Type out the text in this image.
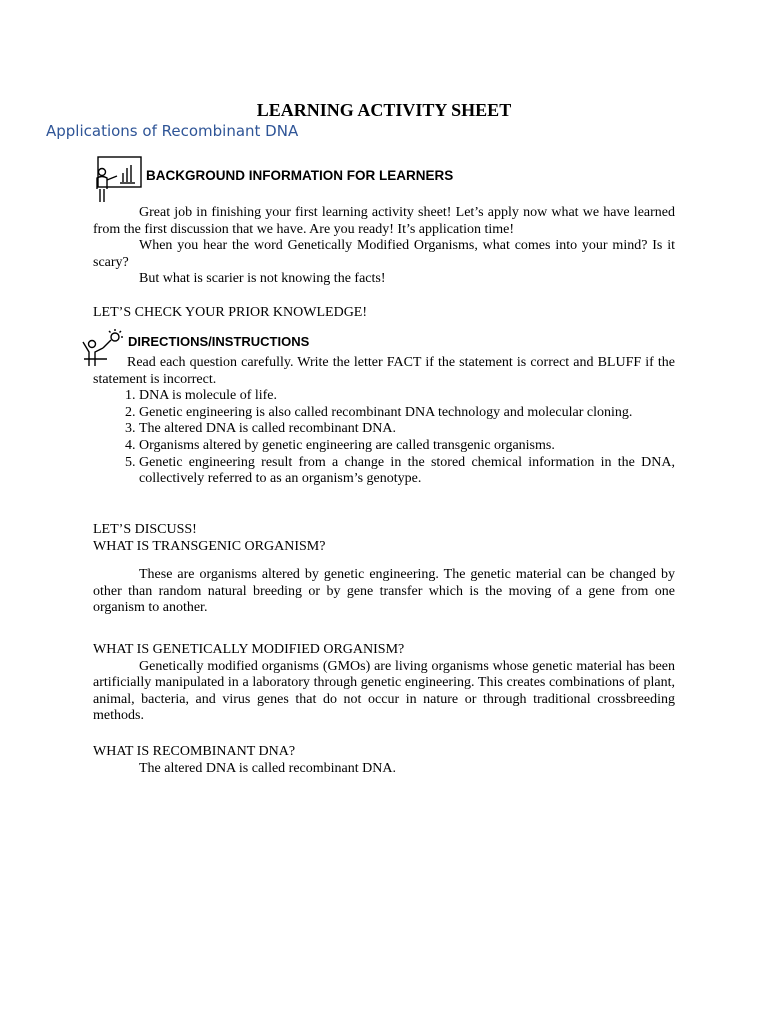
LEARNING ACTIVITY SHEET
Applications of Recombinant DNA
BACKGROUND INFORMATION FOR LEARNERS

Great job in finishing your first learning activity sheet! Let’s apply now what we have learned from the first discussion that we have. Are you ready! It’s application time!

When you hear the word Genetically Modified Organisms, what comes into your mind? Is it scary?

But what is scarier is not knowing the facts!

LET’S CHECK YOUR PRIOR KNOWLEDGE!

DIRECTIONS/INSTRUCTIONS

Read each question carefully. Write the letter FACT if the statement is correct and BLUFF if the statement is incorrect.

1. DNA is molecule of life.
2. Genetic engineering is also called recombinant DNA technology and molecular cloning.
3. The altered DNA is called recombinant DNA.
4. Organisms altered by genetic engineering are called transgenic organisms.
5. Genetic engineering result from a change in the stored chemical information in the DNA, collectively referred to as an organism’s genotype.

LET’S DISCUSS!

WHAT IS TRANSGENIC ORGANISM?

These are organisms altered by genetic engineering. The genetic material can be changed by other than random natural breeding or by gene transfer which is the moving of a gene from one organism to another.

WHAT IS GENETICALLY MODIFIED ORGANISM?

Genetically modified organisms (GMOs) are living organisms whose genetic material has been artificially manipulated in a laboratory through genetic engineering. This creates combinations of plant, animal, bacteria, and virus genes that do not occur in nature or through traditional crossbreeding methods.

WHAT IS RECOMBINANT DNA?

The altered DNA is called recombinant DNA.
